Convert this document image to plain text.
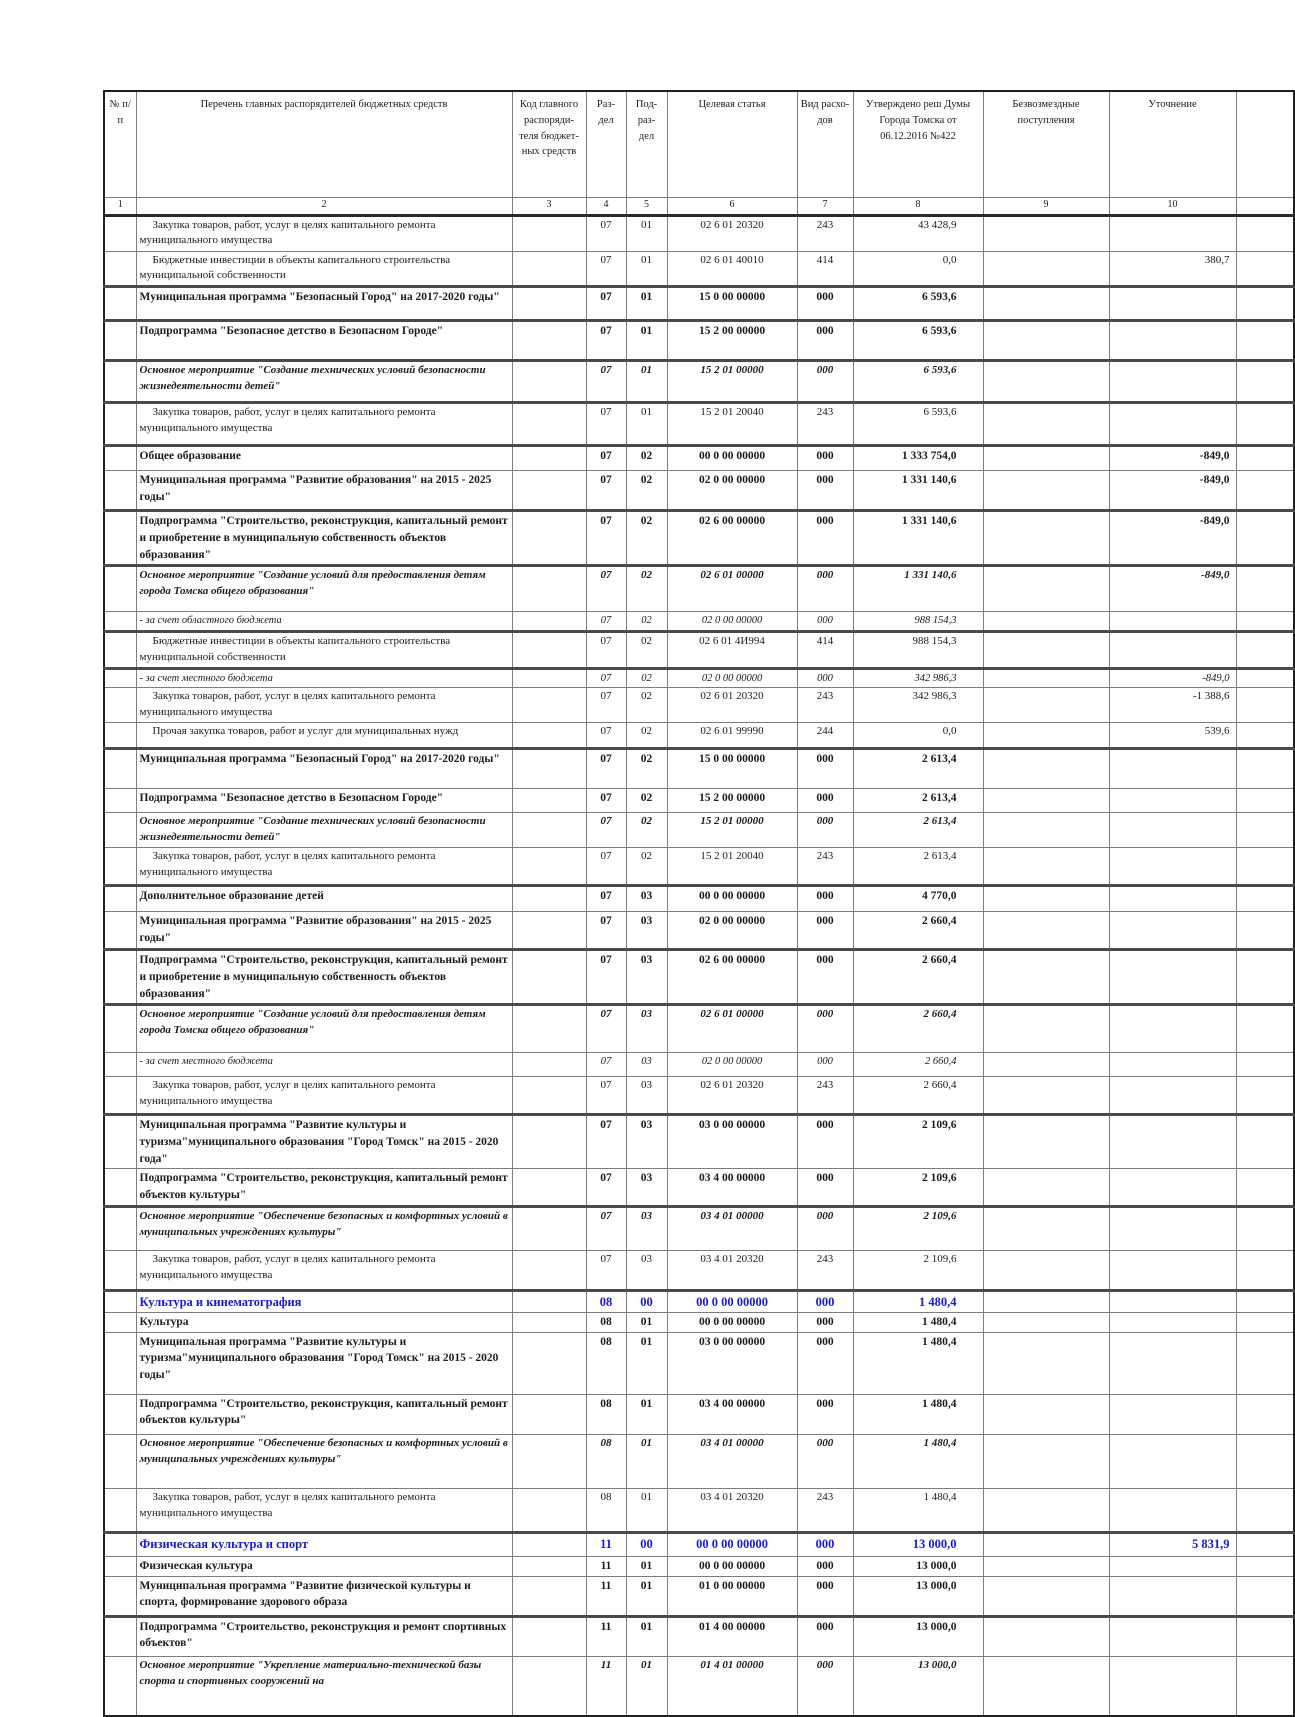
№ п/п	Перечень главных распорядителей бюджетных средств	Код главного распоряди-теля бюджет-ных средств	Раз- дел	Под- раз- дел	Целевая статья	Вид расхо-дов	Утверждено реш Думы Города Томска от 06.12.2016 №422	Безвозмездные поступления	Уточнение	
1	2	3	4	5	6	7	8	9	10	
	Закупка товаров, работ, услуг в целях капитального ремонта муниципального имущества		07	01	02 6 01 20320	243	43 428,9			
	Бюджетные инвестиции в объекты капитального строительства муниципальной собственности		07	01	02 6 01 40010	414	0,0		380,7	
	Муниципальная программа "Безопасный Город" на 2017-2020 годы"		07	01	15 0 00 00000	000	6 593,6			
	Подпрограмма "Безопасное детство в Безопасном Городе"		07	01	15 2 00 00000	000	6 593,6			
	Основное мероприятие "Создание технических условий безопасности жизнедеятельности детей"		07	01	15 2 01 00000	000	6 593,6			
	Закупка товаров, работ, услуг в целях капитального ремонта муниципального имущества		07	01	15 2 01 20040	243	6 593,6			
	Общее образование		07	02	00 0 00 00000	000	1 333 754,0		-849,0	
	Муниципальная программа "Развитие образования" на 2015 - 2025 годы"		07	02	02 0 00 00000	000	1 331 140,6		-849,0	
	Подпрограмма "Строительство, реконструкция, капитальный ремонт и приобретение в муниципальную собственность объектов образования"		07	02	02 6 00 00000	000	1 331 140,6		-849,0	
	Основное мероприятие "Создание условий для предоставления детям города Томска общего образования"		07	02	02 6 01 00000	000	1 331 140,6		-849,0	
	- за счет областного бюджета		07	02	02 0 00 00000	000	988 154,3			
	Бюджетные инвестиции в объекты капитального строительства муниципальной собственности		07	02	02 6 01 4И994	414	988 154,3			
	- за счет местного бюджета		07	02	02 0 00 00000	000	342 986,3		-849,0	
	Закупка товаров, работ, услуг в целях капитального ремонта муниципального имущества		07	02	02 6 01 20320	243	342 986,3		-1 388,6	
	Прочая закупка товаров, работ и услуг для муниципальных нужд		07	02	02 6 01 99990	244	0,0		539,6	
	Муниципальная программа "Безопасный Город" на 2017-2020 годы"		07	02	15 0 00 00000	000	2 613,4			
	Подпрограмма "Безопасное детство в Безопасном Городе"		07	02	15 2 00 00000	000	2 613,4			
	Основное мероприятие "Создание технических условий безопасности жизнедеятельности детей"		07	02	15 2 01 00000	000	2 613,4			
	Закупка товаров, работ, услуг в целях капитального ремонта муниципального имущества		07	02	15 2 01 20040	243	2 613,4			
	Дополнительное образование детей		07	03	00 0 00 00000	000	4 770,0			
	Муниципальная программа "Развитие образования" на 2015 - 2025 годы"		07	03	02 0 00 00000	000	2 660,4			
	Подпрограмма "Строительство, реконструкция, капитальный ремонт и приобретение в муниципальную собственность объектов образования"		07	03	02 6 00 00000	000	2 660,4			
	Основное мероприятие "Создание условий для предоставления детям города Томска общего образования"		07	03	02 6 01 00000	000	2 660,4			
	- за счет местного бюджета		07	03	02 0 00 00000	000	2 660,4			
	Закупка товаров, работ, услуг в целях капитального ремонта муниципального имущества		07	03	02 6 01 20320	243	2 660,4			
	Муниципальная программа "Развитие культуры и туризма"муниципального образования "Город Томск" на 2015 - 2020 года"		07	03	03 0 00 00000	000	2 109,6			
	Подпрограмма "Строительство, реконструкция, капитальный ремонт объектов культуры"		07	03	03 4 00 00000	000	2 109,6			
	Основное мероприятие "Обеспечение безопасных и комфортных условий в муниципальных учреждениях культуры"		07	03	03 4 01 00000	000	2 109,6			
	Закупка товаров, работ, услуг в целях капитального ремонта муниципального имущества		07	03	03 4 01 20320	243	2 109,6			
	Культура и кинематография		08	00	00 0 00 00000	000	1 480,4			
	Культура		08	01	00 0 00 00000	000	1 480,4			
	Муниципальная программа "Развитие культуры и туризма"муниципального образования "Город Томск" на 2015 - 2020 годы"		08	01	03 0 00 00000	000	1 480,4			
	Подпрограмма "Строительство, реконструкция, капитальный ремонт объектов культуры"		08	01	03 4 00 00000	000	1 480,4			
	Основное мероприятие "Обеспечение безопасных и комфортных условий в муниципальных учреждениях культуры"		08	01	03 4 01 00000	000	1 480,4			
	Закупка товаров, работ, услуг в целях капитального ремонта муниципального имущества		08	01	03 4 01 20320	243	1 480,4			
	Физическая культура и спорт		11	00	00 0 00 00000	000	13 000,0		5 831,9	
	Физическая культура		11	01	00 0 00 00000	000	13 000,0			
	Муниципальная программа "Развитие физической культуры и спорта, формирование здорового образа		11	01	01 0 00 00000	000	13 000,0			
	Подпрограмма "Строительство, реконструкция и ремонт спортивных объектов"		11	01	01 4 00 00000	000	13 000,0			
	Основное мероприятие "Укрепление материально-технической базы спорта и спортивных сооружений на		11	01	01 4 01 00000	000	13 000,0			
